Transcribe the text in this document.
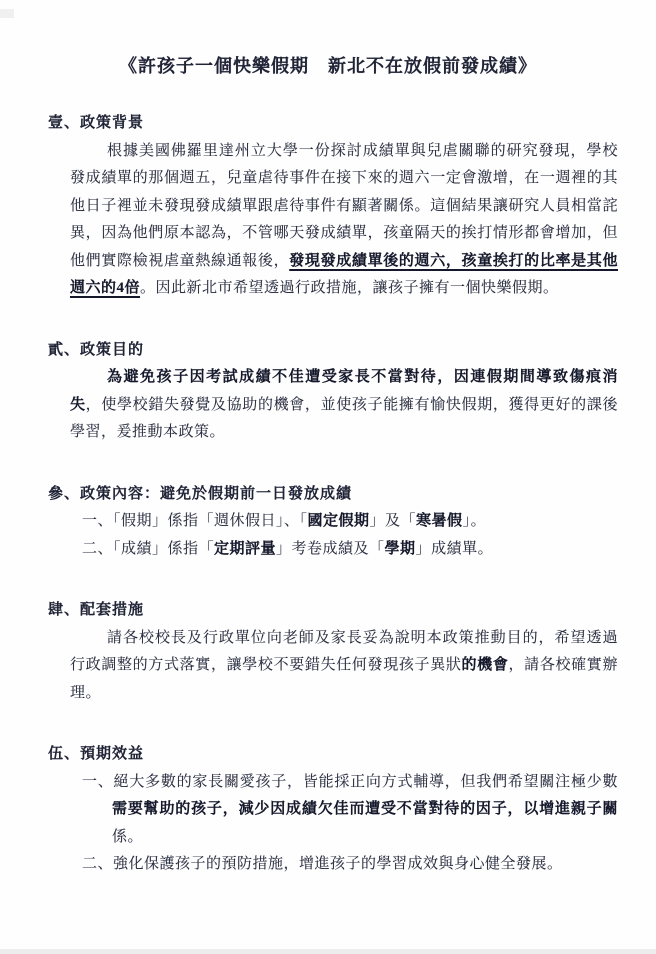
《許孩子一個快樂假期　新北不在放假前發成績》
壹、政策背景

根據美國佛羅里達州立大學一份探討成績單與兒虐關聯的研究發現，學校發成績單的那個週五，兒童虐待事件在接下來的週六一定會激增，在一週裡的其他日子裡並未發現發成績單跟虐待事件有顯著關係。這個結果讓研究人員相當詫異，因為他們原本認為，不管哪天發成績單，孩童隔天的挨打情形都會增加，但他們實際檢視虐童熱線通報後，發現發成績單後的週六，孩童挨打的比率是其他週六的4倍。因此新北市希望透過行政措施，讓孩子擁有一個快樂假期。

貳、政策目的

為避免孩子因考試成績不佳遭受家長不當對待，因連假期間導致傷痕消失，使學校錯失發覺及協助的機會，並使孩子能擁有愉快假期，獲得更好的課後學習，爰推動本政策。

參、政策內容：避免於假期前一日發放成績

一、「假期」係指「週休假日」、「國定假期」及「寒暑假」。

二、「成績」係指「定期評量」考卷成績及「學期」成績單。

肆、配套措施

請各校校長及行政單位向老師及家長妥為說明本政策推動目的，希望透過行政調整的方式落實，讓學校不要錯失任何發現孩子異狀的機會，請各校確實辦理。

伍、預期效益

一、絕大多數的家長關愛孩子，皆能採正向方式輔導，但我們希望關注極少數需要幫助的孩子，減少因成績欠佳而遭受不當對待的因子，以增進親子關係。

二、強化保護孩子的預防措施，增進孩子的學習成效與身心健全發展。
